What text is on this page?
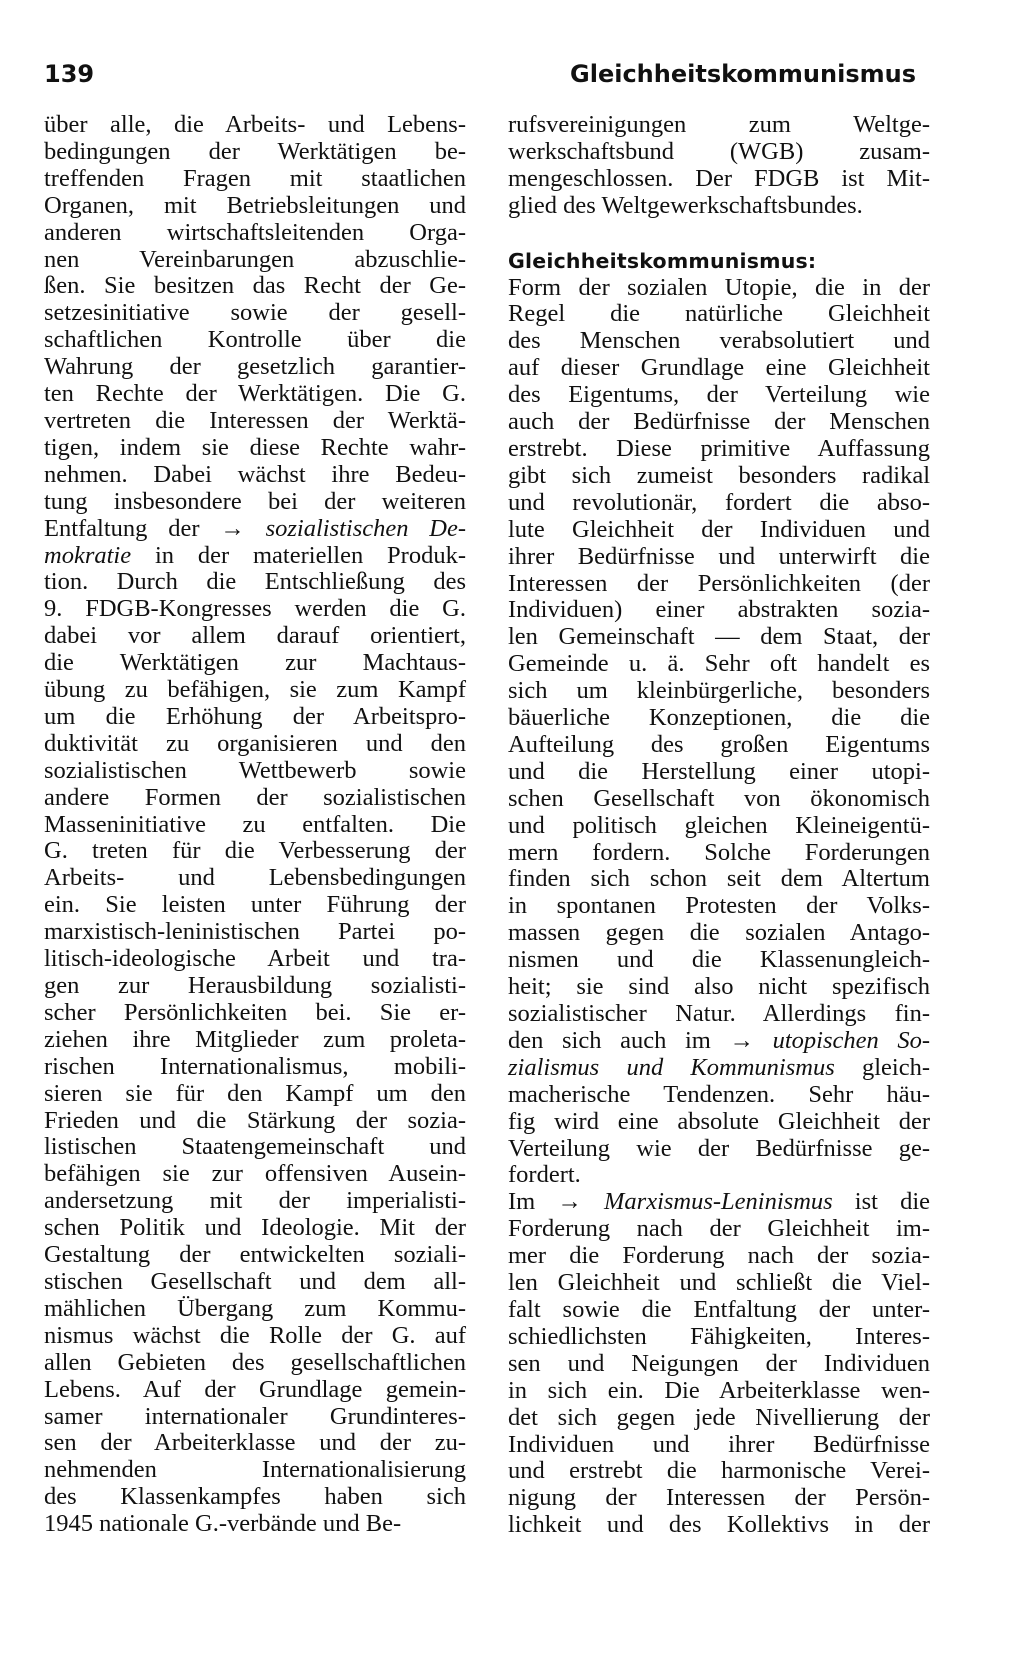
139	Gleichheitskommunismus
über alle, die Arbeits- und Lebens-
bedingungen der Werktätigen be-
treffenden Fragen mit staatlichen
Organen, mit Betriebsleitungen und
anderen wirtschaftsleitenden Orga-
nen Vereinbarungen abzuschlie-
ßen. Sie besitzen das Recht der Ge-
setzesinitiative sowie der gesell-
schaftlichen Kontrolle über die
Wahrung der gesetzlich garantier-
ten Rechte der Werktätigen. Die G.
vertreten die Interessen der Werktä-
tigen, indem sie diese Rechte wahr-
nehmen. Dabei wächst ihre Bedeu-
tung insbesondere bei der weiteren
Entfaltung der → sozialistischen De-
mokratie in der materiellen Produk-
tion. Durch die Entschließung des
9. FDGB-Kongresses werden die G.
dabei vor allem darauf orientiert,
die Werktätigen zur Machtaus-
übung zu befähigen, sie zum Kampf
um die Erhöhung der Arbeitspro-
duktivität zu organisieren und den
sozialistischen Wettbewerb sowie
andere Formen der sozialistischen
Masseninitiative zu entfalten. Die
G. treten für die Verbesserung der
Arbeits- und Lebensbedingungen
ein. Sie leisten unter Führung der
marxistisch-leninistischen Partei po-
litisch-ideologische Arbeit und tra-
gen zur Herausbildung sozialisti-
scher Persönlichkeiten bei. Sie er-
ziehen ihre Mitglieder zum proleta-
rischen Internationalismus, mobili-
sieren sie für den Kampf um den
Frieden und die Stärkung der sozia-
listischen Staatengemeinschaft und
befähigen sie zur offensiven Ausein-
andersetzung mit der imperialisti-
schen Politik und Ideologie. Mit der
Gestaltung der entwickelten soziali-
stischen Gesellschaft und dem all-
mählichen Übergang zum Kommu-
nismus wächst die Rolle der G. auf
allen Gebieten des gesellschaftlichen
Lebens. Auf der Grundlage gemein-
samer internationaler Grundinteres-
sen der Arbeiterklasse und der zu-
nehmenden Internationalisierung
des Klassenkampfes haben sich
1945 nationale G.-verbände und Be-
rufsvereinigungen zum Weltge-
werkschaftsbund (WGB) zusam-
mengeschlossen. Der FDGB ist Mit-
glied des Weltgewerkschaftsbundes.
Gleichheitskommunismus:
Form der sozialen Utopie, die in der
Regel die natürliche Gleichheit
des Menschen verabsolutiert und
auf dieser Grundlage eine Gleichheit
des Eigentums, der Verteilung wie
auch der Bedürfnisse der Menschen
erstrebt. Diese primitive Auffassung
gibt sich zumeist besonders radikal
und revolutionär, fordert die abso-
lute Gleichheit der Individuen und
ihrer Bedürfnisse und unterwirft die
Interessen der Persönlichkeiten (der
Individuen) einer abstrakten sozia-
len Gemeinschaft — dem Staat, der
Gemeinde u. ä. Sehr oft handelt es
sich um kleinbürgerliche, besonders
bäuerliche Konzeptionen, die die
Aufteilung des großen Eigentums
und die Herstellung einer utopi-
schen Gesellschaft von ökonomisch
und politisch gleichen Kleineigentü-
mern fordern. Solche Forderungen
finden sich schon seit dem Altertum
in spontanen Protesten der Volks-
massen gegen die sozialen Antago-
nismen und die Klassenungleich-
heit; sie sind also nicht spezifisch
sozialistischer Natur. Allerdings fin-
den sich auch im → utopischen So-
zialismus und Kommunismus gleich-
macherische Tendenzen. Sehr häu-
fig wird eine absolute Gleichheit der
Verteilung wie der Bedürfnisse ge-
fordert.
Im → Marxismus-Leninismus ist die
Forderung nach der Gleichheit im-
mer die Forderung nach der sozia-
len Gleichheit und schließt die Viel-
falt sowie die Entfaltung der unter-
schiedlichsten Fähigkeiten, Interes-
sen und Neigungen der Individuen
in sich ein. Die Arbeiterklasse wen-
det sich gegen jede Nivellierung der
Individuen und ihrer Bedürfnisse
und erstrebt die harmonische Verei-
nigung der Interessen der Persön-
lichkeit und des Kollektivs in der
